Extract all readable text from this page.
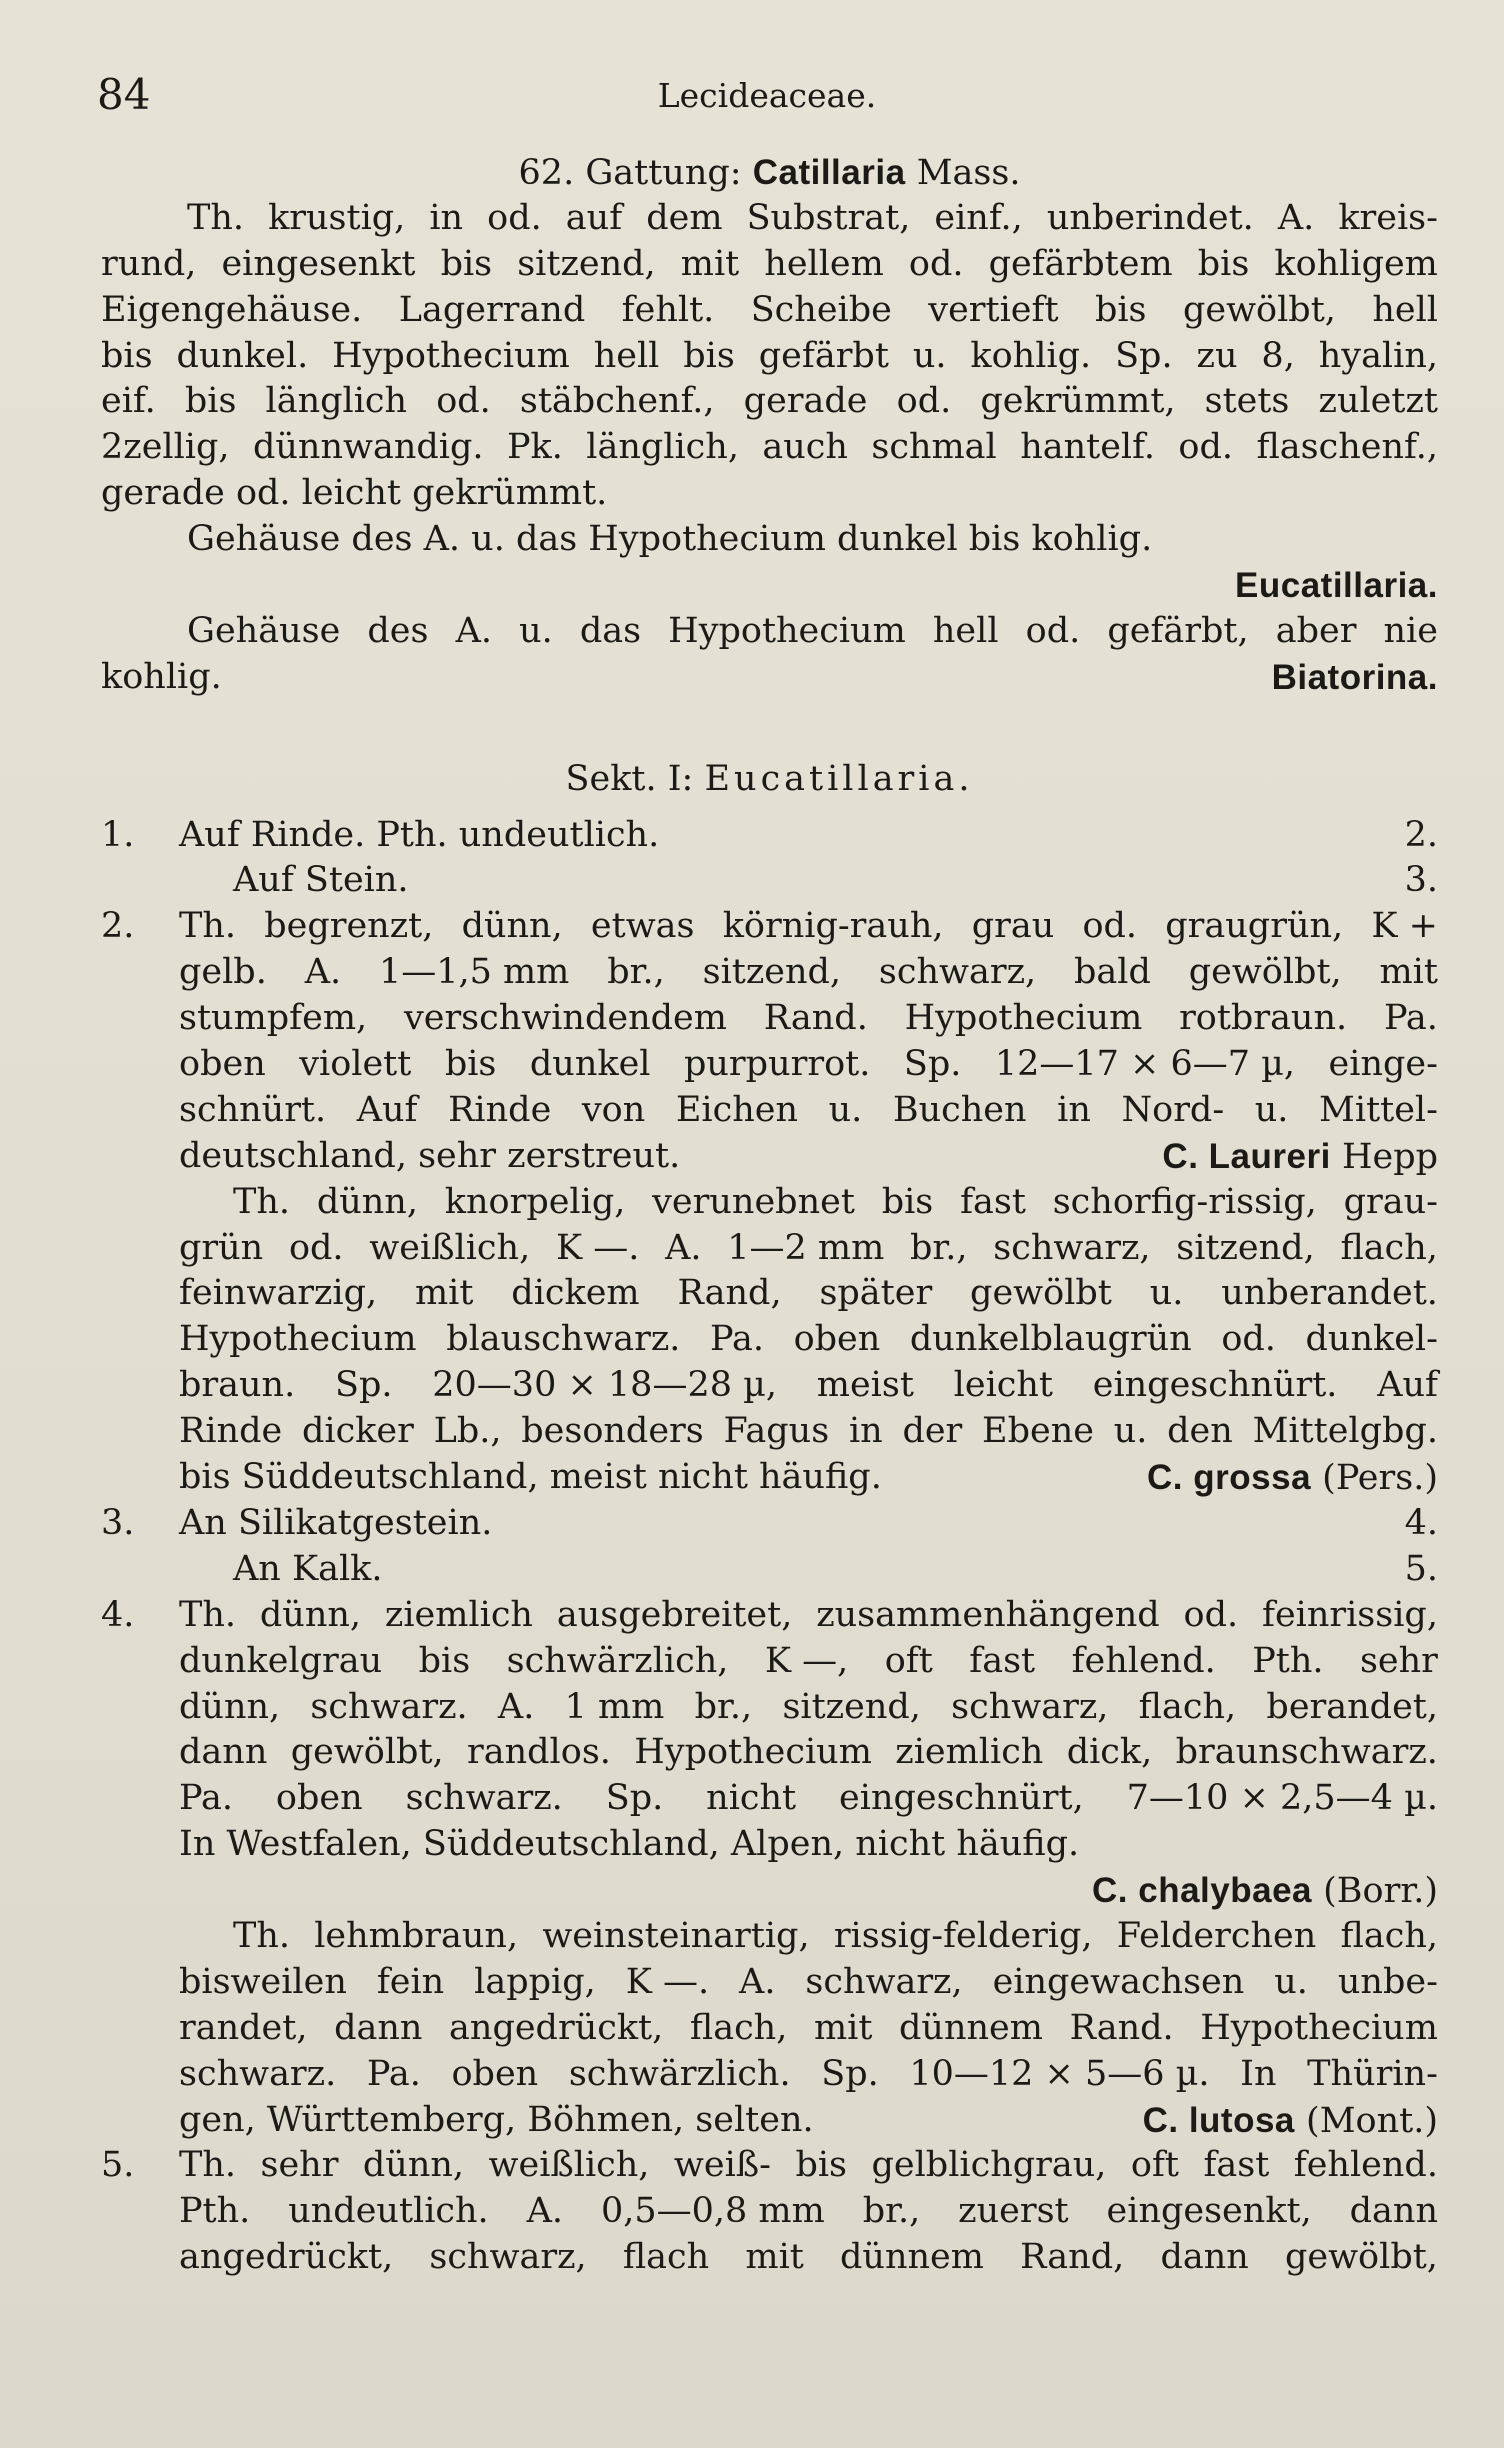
84	Lecideaceae.
62. Gattung: Catillaria Mass.
Th. krustig, in od. auf dem Substrat, einf., unberindet. A. kreis-
rund, eingesenkt bis sitzend, mit hellem od. gefärbtem bis kohligem
Eigengehäuse. Lagerrand fehlt. Scheibe vertieft bis gewölbt, hell
bis dunkel. Hypothecium hell bis gefärbt u. kohlig. Sp. zu 8, hyalin,
eif. bis länglich od. stäbchenf., gerade od. gekrümmt, stets zuletzt
2zellig, dünnwandig. Pk. länglich, auch schmal hantelf. od. flaschenf.,
gerade od. leicht gekrümmt.
Gehäuse des A. u. das Hypothecium dunkel bis kohlig.
Eucatillaria.
Gehäuse des A. u. das Hypothecium hell od. gefärbt, aber nie
kohlig.	Biatorina.
Sekt. I: Eucatillaria.
1. Auf Rinde. Pth. undeutlich.	2.
Auf Stein.	3.
2. Th. begrenzt, dünn, etwas körnig-rauh, grau od. graugrün, K +
gelb. A. 1—1,5 mm br., sitzend, schwarz, bald gewölbt, mit
stumpfem, verschwindendem Rand. Hypothecium rotbraun. Pa.
oben violett bis dunkel purpurrot. Sp. 12—17 × 6—7 µ, einge-
schnürt. Auf Rinde von Eichen u. Buchen in Nord- u. Mittel-
deutschland, sehr zerstreut.	C. Laureri Hepp
Th. dünn, knorpelig, verunebnet bis fast schorfig-rissig, grau-
grün od. weißlich, K —. A. 1—2 mm br., schwarz, sitzend, flach,
feinwarzig, mit dickem Rand, später gewölbt u. unberandet.
Hypothecium blauschwarz. Pa. oben dunkelblaugrün od. dunkel-
braun. Sp. 20—30 × 18—28 µ, meist leicht eingeschnürt. Auf
Rinde dicker Lb., besonders Fagus in der Ebene u. den Mittelgbg.
bis Süddeutschland, meist nicht häufig.	C. grossa (Pers.)
3. An Silikatgestein.	4.
An Kalk.	5.
4. Th. dünn, ziemlich ausgebreitet, zusammenhängend od. feinrissig,
dunkelgrau bis schwärzlich, K —, oft fast fehlend. Pth. sehr
dünn, schwarz. A. 1 mm br., sitzend, schwarz, flach, berandet,
dann gewölbt, randlos. Hypothecium ziemlich dick, braunschwarz.
Pa. oben schwarz. Sp. nicht eingeschnürt, 7—10 × 2,5—4 µ.
In Westfalen, Süddeutschland, Alpen, nicht häufig.
C. chalybaea (Borr.)
Th. lehmbraun, weinsteinartig, rissig-felderig, Felderchen flach,
bisweilen fein lappig, K —. A. schwarz, eingewachsen u. unbe-
randet, dann angedrückt, flach, mit dünnem Rand. Hypothecium
schwarz. Pa. oben schwärzlich. Sp. 10—12 × 5—6 µ. In Thürin-
gen, Württemberg, Böhmen, selten.	C. lutosa (Mont.)
5. Th. sehr dünn, weißlich, weiß- bis gelblichgrau, oft fast fehlend.
Pth. undeutlich. A. 0,5—0,8 mm br., zuerst eingesenkt, dann
angedrückt, schwarz, flach mit dünnem Rand, dann gewölbt,
